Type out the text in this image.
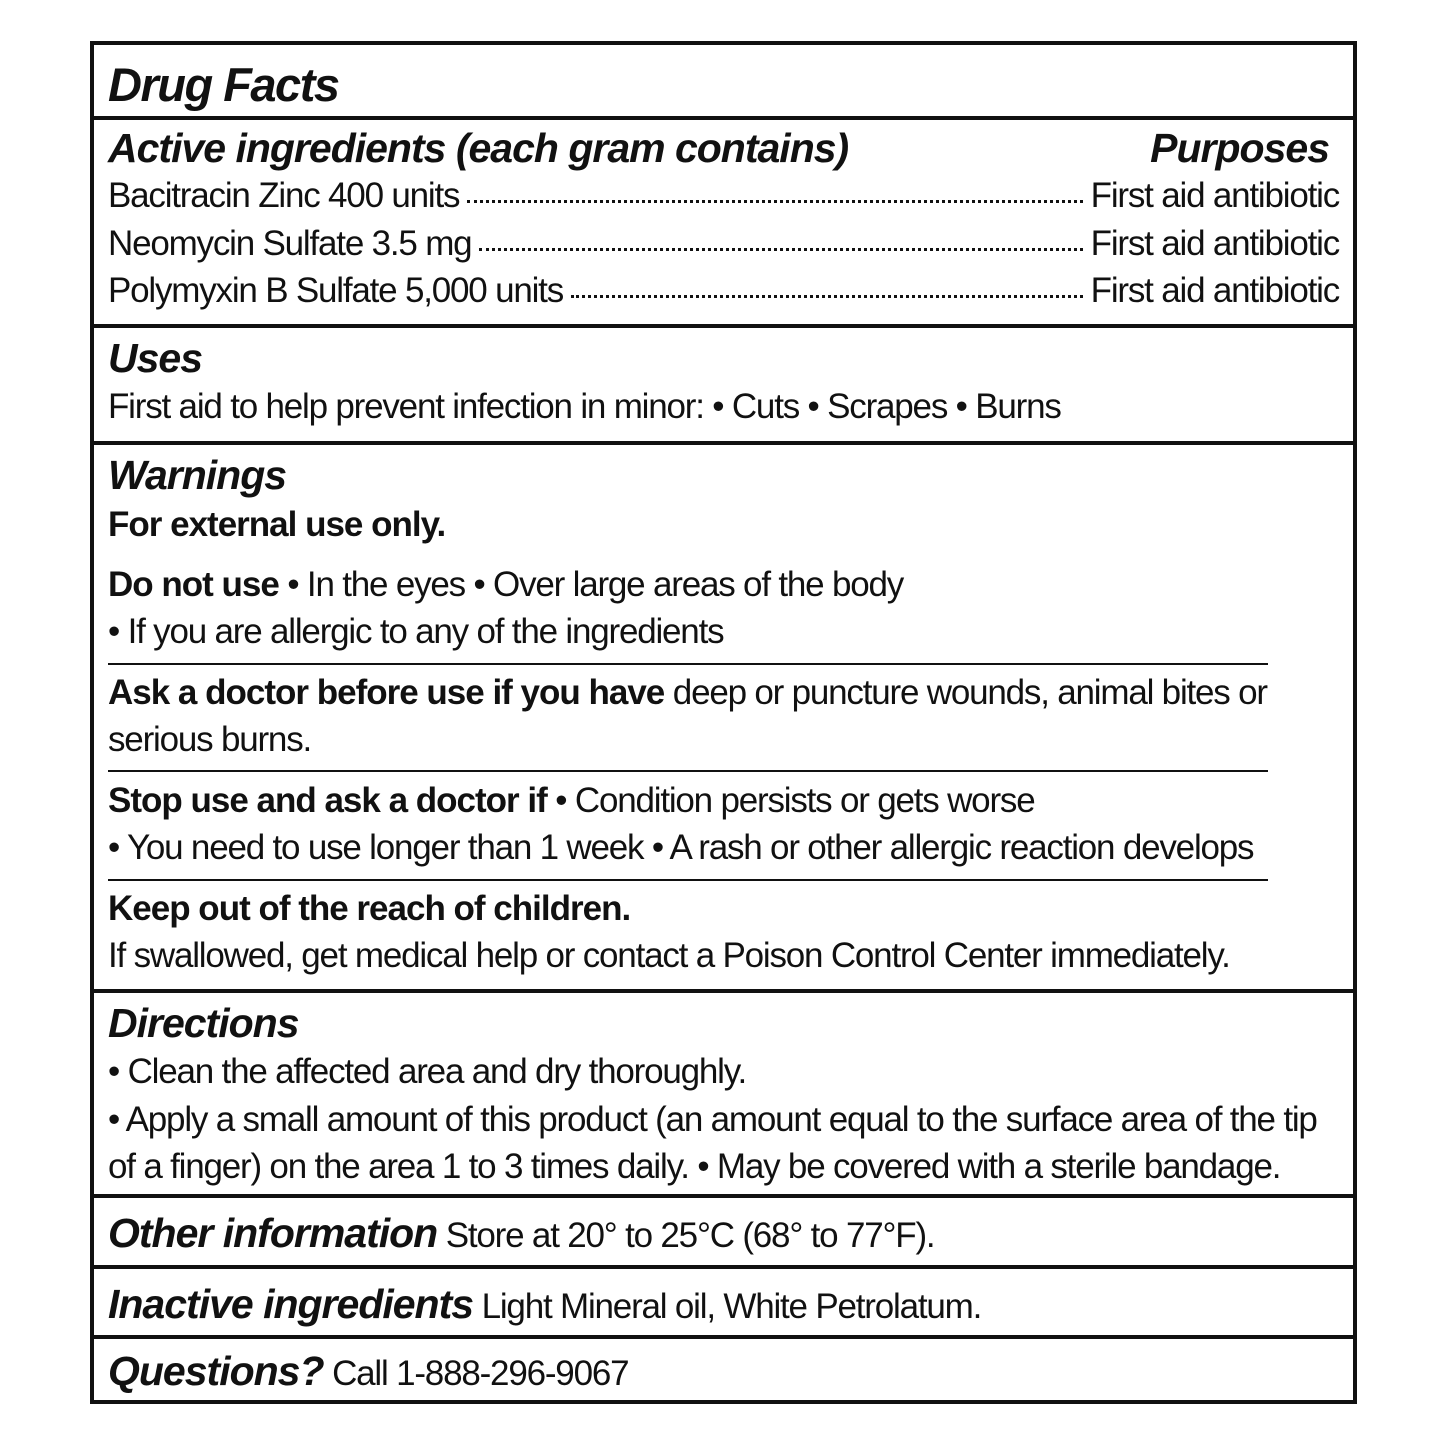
Drug Facts
Active ingredients (each gram contains)	Purposes
Bacitracin Zinc 400 units	First aid antibiotic
Neomycin Sulfate 3.5 mg	First aid antibiotic
Polymyxin B Sulfate 5,000 units	First aid antibiotic
Uses
First aid to help prevent infection in minor: • Cuts • Scrapes • Burns
Warnings
For external use only.
Do not use • In the eyes • Over large areas of the body
• If you are allergic to any of the ingredients
Ask a doctor before use if you have deep or puncture wounds, animal bites or
serious burns.
Stop use and ask a doctor if • Condition persists or gets worse
• You need to use longer than 1 week • A rash or other allergic reaction develops
Keep out of the reach of children.
If swallowed, get medical help or contact a Poison Control Center immediately.
Directions
• Clean the affected area and dry thoroughly.
• Apply a small amount of this product (an amount equal to the surface area of the tip
of a finger) on the area 1 to 3 times daily. • May be covered with a sterile bandage.
Other information Store at 20° to 25°C (68° to 77°F).
Inactive ingredients Light Mineral oil, White Petrolatum.
Questions? Call 1-888-296-9067
